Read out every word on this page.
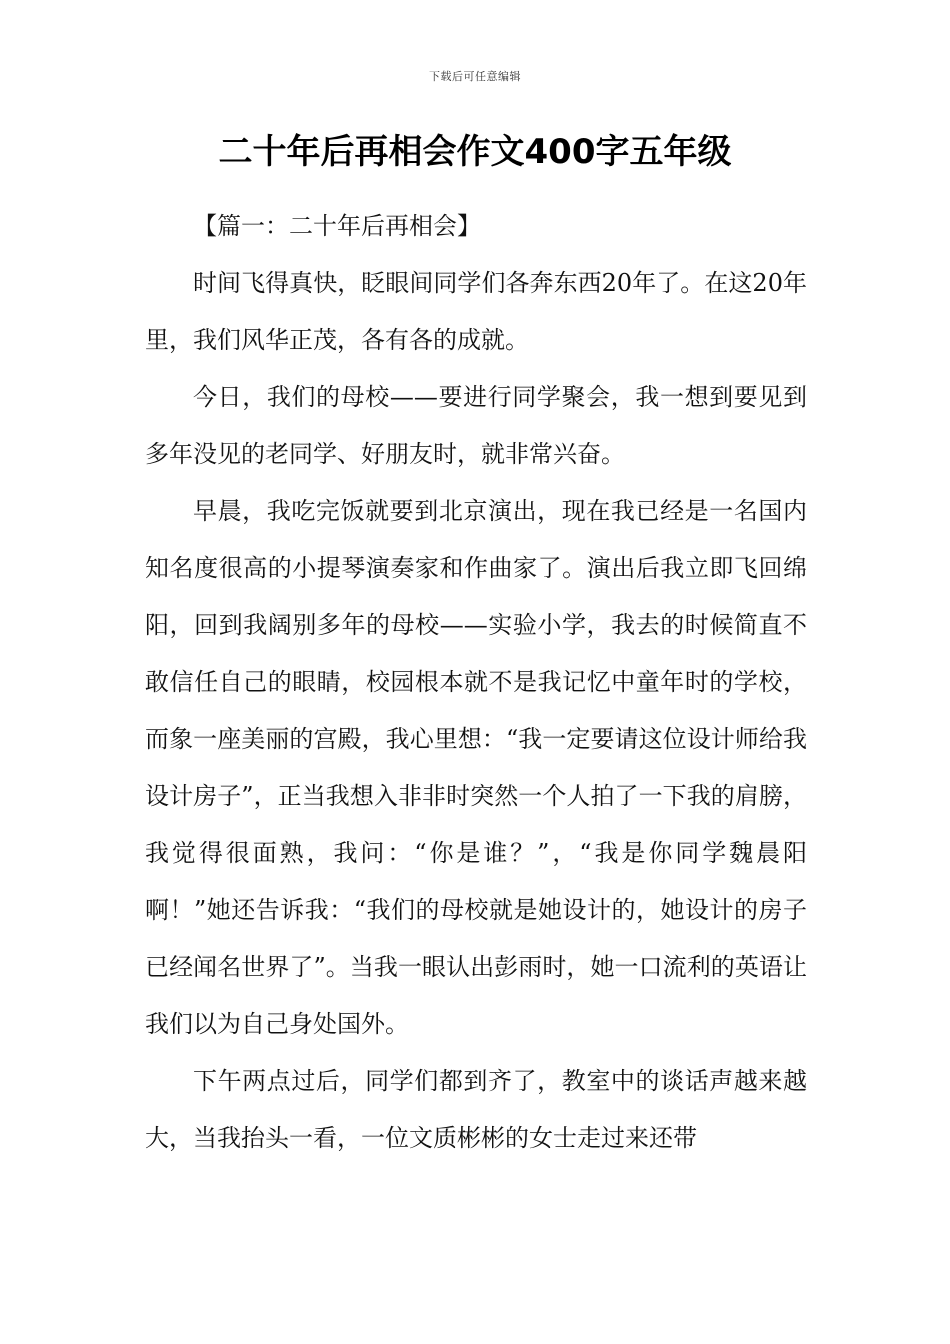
下载后可任意编辑
二十年后再相会作文400字五年级

【篇一：二十年后再相会】

时间飞得真快，眨眼间同学们各奔东西20年了。在这20年里，我们风华正茂，各有各的成就。

今日，我们的母校——要进行同学聚会，我一想到要见到多年没见的老同学、好朋友时，就非常兴奋。

早晨，我吃完饭就要到北京演出，现在我已经是一名国内知名度很高的小提琴演奏家和作曲家了。演出后我立即飞回绵阳，回到我阔别多年的母校——实验小学，我去的时候简直不敢信任自己的眼睛，校园根本就不是我记忆中童年时的学校，而象一座美丽的宫殿，我心里想：“我一定要请这位设计师给我设计房子”，正当我想入非非时突然一个人拍了一下我的肩膀，我觉得很面熟，我问：“你是谁？”，“我是你同学魏晨阳啊！”她还告诉我：“我们的母校就是她设计的，她设计的房子已经闻名世界了”。当我一眼认出彭雨时，她一口流利的英语让我们以为自己身处国外。

下午两点过后，同学们都到齐了，教室中的谈话声越来越大，当我抬头一看，一位文质彬彬的女士走过来还带
